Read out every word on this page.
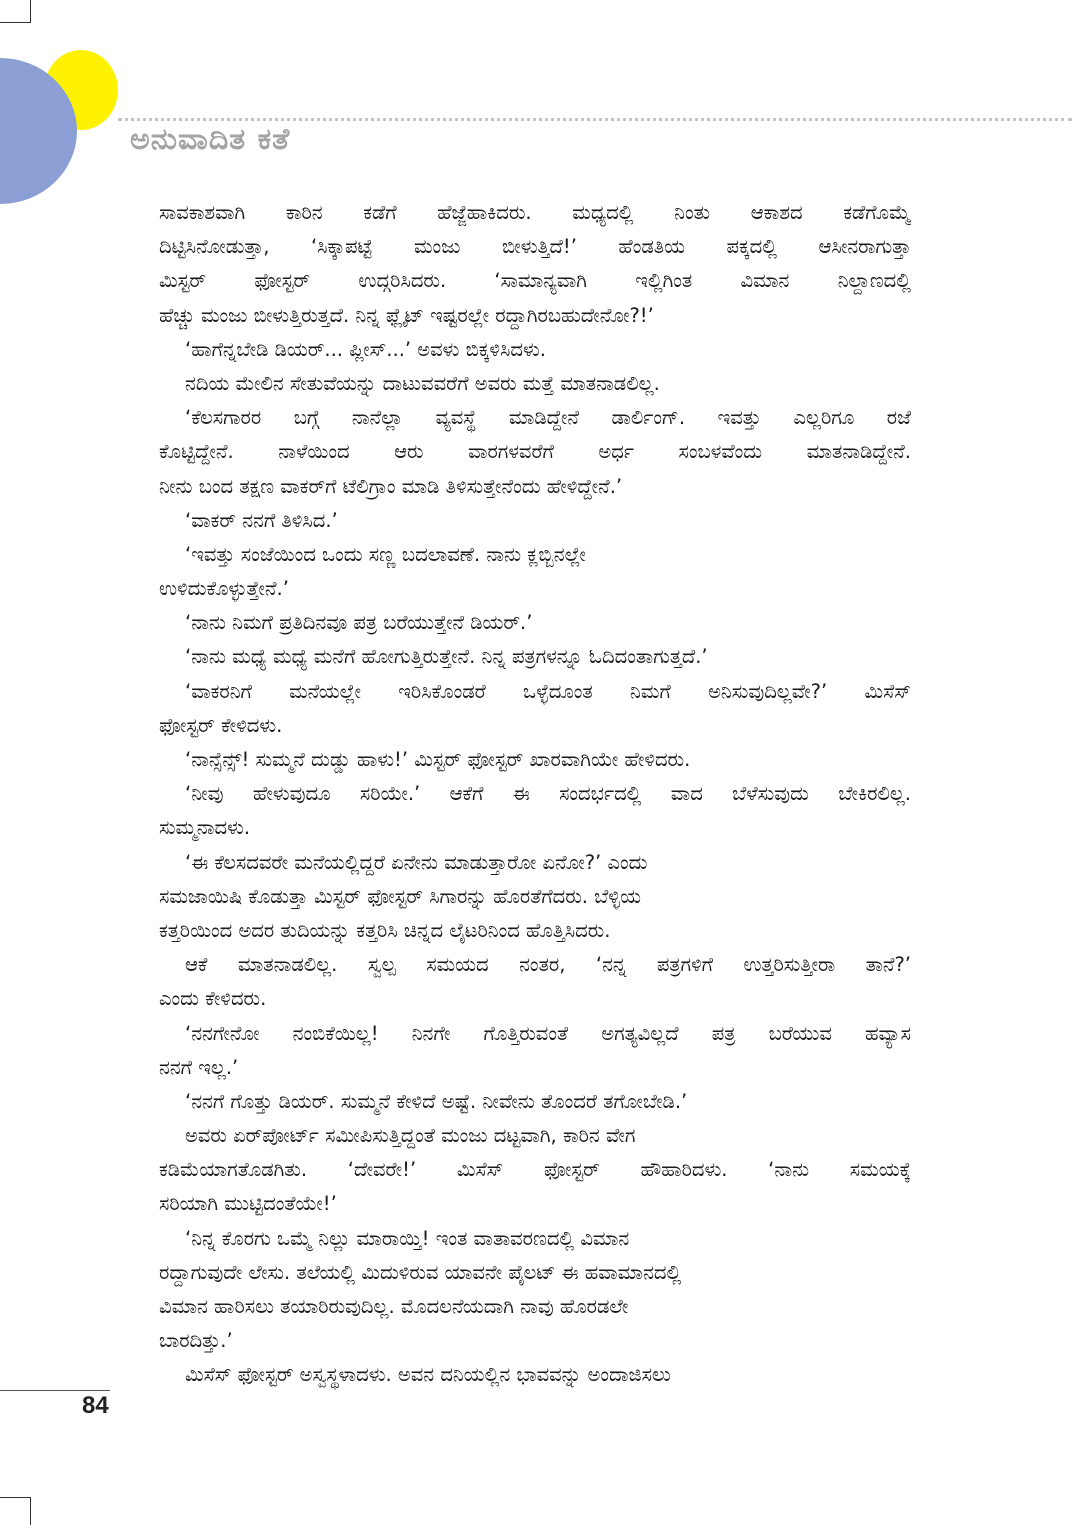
ಅನುವಾದಿತ ಕತೆ
ಸಾವಕಾಶವಾಗಿ ಕಾರಿನ ಕಡೆಗೆ ಹೆಜ್ಜೆಹಾಕಿದರು. ಮಧ್ಯದಲ್ಲಿ ನಿಂತು ಆಕಾಶದ ಕಡೆಗೊಮ್ಮೆ
ದಿಟ್ಟಿಸಿನೋಡುತ್ತಾ, ‘ಸಿಕ್ಕಾಪಟ್ಟೆ ಮಂಜು ಬೀಳುತ್ತಿದೆ!’ ಹೆಂಡತಿಯ ಪಕ್ಕದಲ್ಲಿ ಆಸೀನರಾಗುತ್ತಾ
ಮಿಸ್ಟರ್ ಫೋಸ್ಟರ್ ಉದ್ಗರಿಸಿದರು. ‘ಸಾಮಾನ್ಯವಾಗಿ ಇಲ್ಲಿಗಿಂತ ವಿಮಾನ ನಿಲ್ದಾಣದಲ್ಲಿ
ಹೆಚ್ಚು ಮಂಜು ಬೀಳುತ್ತಿರುತ್ತದೆ. ನಿನ್ನ ಫ್ಲೈಟ್ ಇಷ್ಟರಲ್ಲೇ ರದ್ದಾಗಿರಬಹುದೇನೋ?!’
‘ಹಾಗೆನ್ನಬೇಡಿ ಡಿಯರ್... ಪ್ಲೀಸ್...’ ಅವಳು ಬಿಕ್ಕಳಿಸಿದಳು.
ನದಿಯ ಮೇಲಿನ ಸೇತುವೆಯನ್ನು ದಾಟುವವರೆಗೆ ಅವರು ಮತ್ತೆ ಮಾತನಾಡಲಿಲ್ಲ.
‘ಕೆಲಸಗಾರರ ಬಗ್ಗೆ ನಾನೆಲ್ಲಾ ವ್ಯವಸ್ಥೆ ಮಾಡಿದ್ದೇನೆ ಡಾರ್ಲಿಂಗ್. ಇವತ್ತು ಎಲ್ಲರಿಗೂ ರಜೆ
ಕೊಟ್ಟಿದ್ದೇನೆ. ನಾಳೆಯಿಂದ ಆರು ವಾರಗಳವರೆಗೆ ಅರ್ಧ ಸಂಬಳವೆಂದು ಮಾತನಾಡಿದ್ದೇನೆ.
ನೀನು ಬಂದ ತಕ್ಷಣ ವಾಕರ್‌ಗೆ ಟೆಲಿಗ್ರಾಂ ಮಾಡಿ ತಿಳಿಸುತ್ತೇನೆಂದು ಹೇಳಿದ್ದೇನೆ.’
‘ವಾಕರ್ ನನಗೆ ತಿಳಿಸಿದ.’
‘ಇವತ್ತು ಸಂಜೆಯಿಂದ ಒಂದು ಸಣ್ಣ ಬದಲಾವಣೆ. ನಾನು ಕ್ಲಬ್ಬಿನಲ್ಲೇ
ಉಳಿದುಕೊಳ್ಳುತ್ತೇನೆ.’
‘ನಾನು ನಿಮಗೆ ಪ್ರತಿದಿನವೂ ಪತ್ರ ಬರೆಯುತ್ತೇನೆ ಡಿಯರ್.’
‘ನಾನು ಮಧ್ಯೆ ಮಧ್ಯೆ ಮನೆಗೆ ಹೋಗುತ್ತಿರುತ್ತೇನೆ. ನಿನ್ನ ಪತ್ರಗಳನ್ನೂ ಓದಿದಂತಾಗುತ್ತದೆ.’
‘ವಾಕರನಿಗೆ ಮನೆಯಲ್ಲೇ ಇರಿಸಿಕೊಂಡರೆ ಒಳ್ಳೆದೂಂತ ನಿಮಗೆ ಅನಿಸುವುದಿಲ್ಲವೇ?’ ಮಿಸೆಸ್
ಫೋಸ್ಟರ್ ಕೇಳಿದಳು.
‘ನಾನ್ಸೆನ್ಸ್! ಸುಮ್ಮನೆ ದುಡ್ಡು ಹಾಳು!’ ಮಿಸ್ಟರ್ ಫೋಸ್ಟರ್ ಖಾರವಾಗಿಯೇ ಹೇಳಿದರು.
‘ನೀವು ಹೇಳುವುದೂ ಸರಿಯೇ.’ ಆಕೆಗೆ ಈ ಸಂದರ್ಭದಲ್ಲಿ ವಾದ ಬೆಳೆಸುವುದು ಬೇಕಿರಲಿಲ್ಲ.
ಸುಮ್ಮನಾದಳು.
‘ಈ ಕೆಲಸದವರೇ ಮನೆಯಲ್ಲಿದ್ದರೆ ಏನೇನು ಮಾಡುತ್ತಾರೋ ಏನೋ?’ ಎಂದು
ಸಮಜಾಯಿಷಿ ಕೊಡುತ್ತಾ ಮಿಸ್ಟರ್ ಫೋಸ್ಟರ್ ಸಿಗಾರನ್ನು ಹೊರತೆಗೆದರು. ಬೆಳ್ಳಿಯ
ಕತ್ತರಿಯಿಂದ ಅದರ ತುದಿಯನ್ನು ಕತ್ತರಿಸಿ ಚಿನ್ನದ ಲೈಟರಿನಿಂದ ಹೊತ್ತಿಸಿದರು.
ಆಕೆ ಮಾತನಾಡಲಿಲ್ಲ. ಸ್ವಲ್ಪ ಸಮಯದ ನಂತರ, ‘ನನ್ನ ಪತ್ರಗಳಿಗೆ ಉತ್ತರಿಸುತ್ತೀರಾ ತಾನೆ?’
ಎಂದು ಕೇಳಿದರು.
‘ನನಗೇನೋ ನಂಬಿಕೆಯಿಲ್ಲ! ನಿನಗೇ ಗೊತ್ತಿರುವಂತೆ ಅಗತ್ಯವಿಲ್ಲದೆ ಪತ್ರ ಬರೆಯುವ ಹವ್ಯಾಸ
ನನಗೆ ಇಲ್ಲ.’
‘ನನಗೆ ಗೊತ್ತು ಡಿಯರ್. ಸುಮ್ಮನೆ ಕೇಳಿದೆ ಅಷ್ಟೆ. ನೀವೇನು ತೊಂದರೆ ತಗೋಬೇಡಿ.’
ಅವರು ಏರ್‌ಪೋರ್ಟ್ ಸಮೀಪಿಸುತ್ತಿದ್ದಂತೆ ಮಂಜು ದಟ್ಟವಾಗಿ, ಕಾರಿನ ವೇಗ
ಕಡಿಮೆಯಾಗತೊಡಗಿತು. ‘ದೇವರೇ!’ ಮಿಸೆಸ್ ಫೋಸ್ಟರ್ ಹೌಹಾರಿದಳು. ‘ನಾನು ಸಮಯಕ್ಕೆ
ಸರಿಯಾಗಿ ಮುಟ್ಟಿದಂತೆಯೇ!’
‘ನಿನ್ನ ಕೊರಗು ಒಮ್ಮೆ ನಿಲ್ಲು ಮಾರಾಯ್ತಿ! ಇಂತ ವಾತಾವರಣದಲ್ಲಿ ವಿಮಾನ
ರದ್ದಾಗುವುದೇ ಲೇಸು. ತಲೆಯಲ್ಲಿ ಮಿದುಳಿರುವ ಯಾವನೇ ಪೈಲಟ್ ಈ ಹವಾಮಾನದಲ್ಲಿ
ವಿಮಾನ ಹಾರಿಸಲು ತಯಾರಿರುವುದಿಲ್ಲ. ಮೊದಲನೆಯದಾಗಿ ನಾವು ಹೊರಡಲೇ
ಬಾರದಿತ್ತು.’
ಮಿಸೆಸ್ ಫೋಸ್ಟರ್ ಅಸ್ವಸ್ಥಳಾದಳು. ಅವನ ದನಿಯಲ್ಲಿನ ಭಾವವನ್ನು ಅಂದಾಜಿಸಲು
84
